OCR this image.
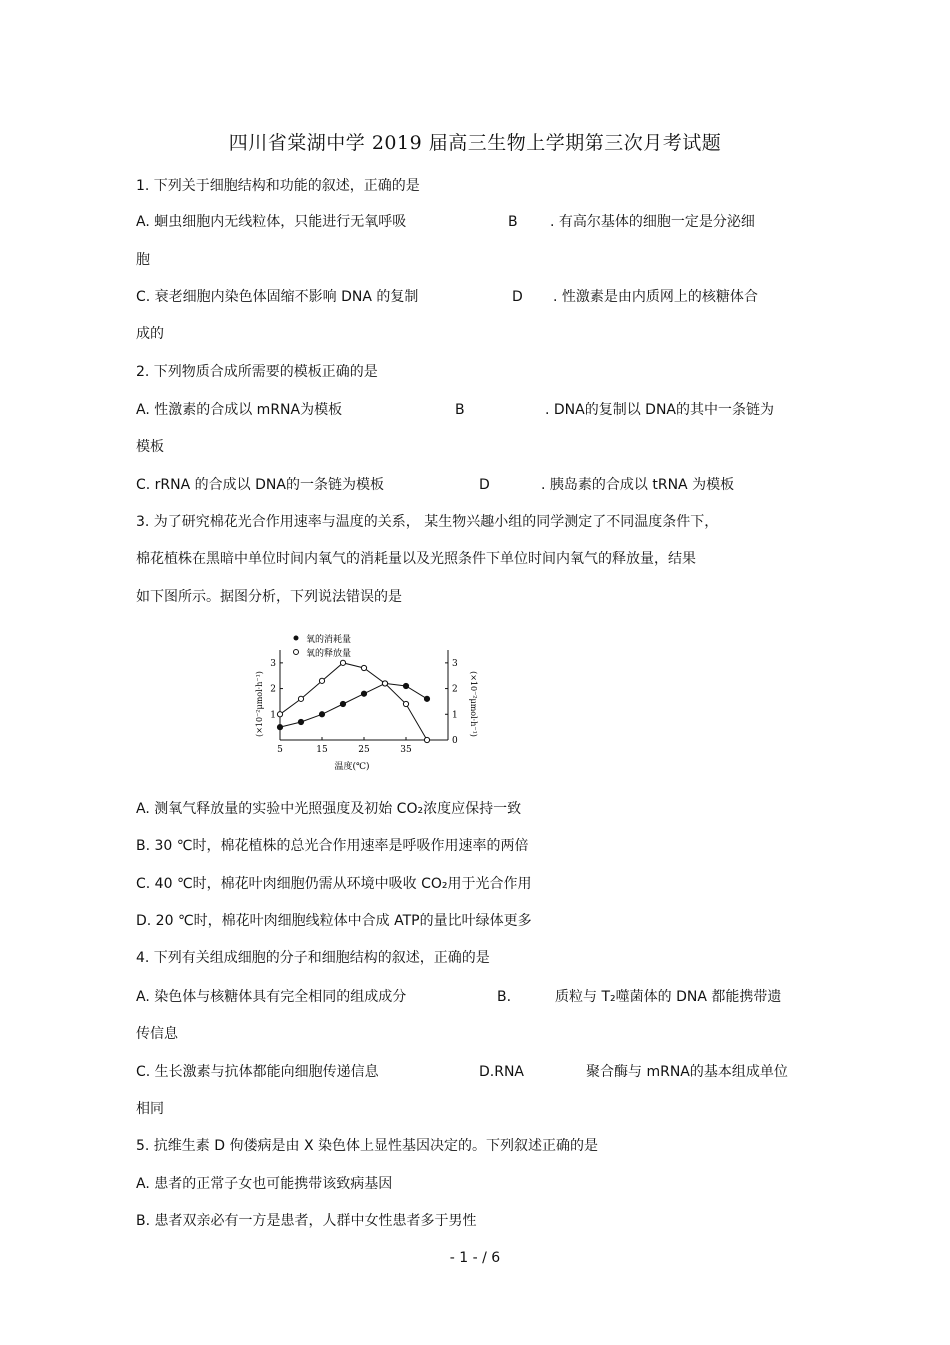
四川省棠湖中学 2019 届高三生物上学期第三次月考试题
1. 下列关于细胞结构和功能的叙述，正确的是
A. 蛔虫细胞内无线粒体，只能进行无氧呼吸	B . 有高尔基体的细胞一定是分泌细
胞
C. 衰老细胞内染色体固缩不影响 DNA 的复制	D . 性激素是由内质网上的核糖体合
成的
2. 下列物质合成所需要的模板正确的是
A. 性激素的合成以 mRNA为模板	B	. DNA的复制以 DNA的其中一条链为
模板
C. rRNA 的合成以 DNA的一条链为模板	D	. 胰岛素的合成以 tRNA 为模板
3. 为了研究棉花光合作用速率与温度的关系， 某生物兴趣小组的同学测定了不同温度条件下，
棉花植株在黑暗中单位时间内氧气的消耗量以及光照条件下单位时间内氧气的释放量，结果
如下图所示。据图分析，下列说法错误的是
氧的消耗量
氧的释放量
(×10⁻²μmol·h⁻¹)	(×10⁻²μmol·h⁻¹)
5	15	25	35
1
2
3
0
1
2
3
温度(℃)
A. 测氧气释放量的实验中光照强度及初始 CO₂浓度应保持一致
B. 30 ℃时，棉花植株的总光合作用速率是呼吸作用速率的两倍
C. 40 ℃时，棉花叶肉细胞仍需从环境中吸收 CO₂用于光合作用
D. 20 ℃时，棉花叶肉细胞线粒体中合成 ATP的量比叶绿体更多
4. 下列有关组成细胞的分子和细胞结构的叙述，正确的是
A. 染色体与核糖体具有完全相同的组成成分	B.	质粒与 T₂噬菌体的 DNA 都能携带遗
传信息
C. 生长激素与抗体都能向细胞传递信息	D.RNA	聚合酶与 mRNA的基本组成单位
相同
5. 抗维生素 D 佝偻病是由 X 染色体上显性基因决定的。下列叙述正确的是
A. 患者的正常子女也可能携带该致病基因
B. 患者双亲必有一方是患者，人群中女性患者多于男性
- 1 - / 6
